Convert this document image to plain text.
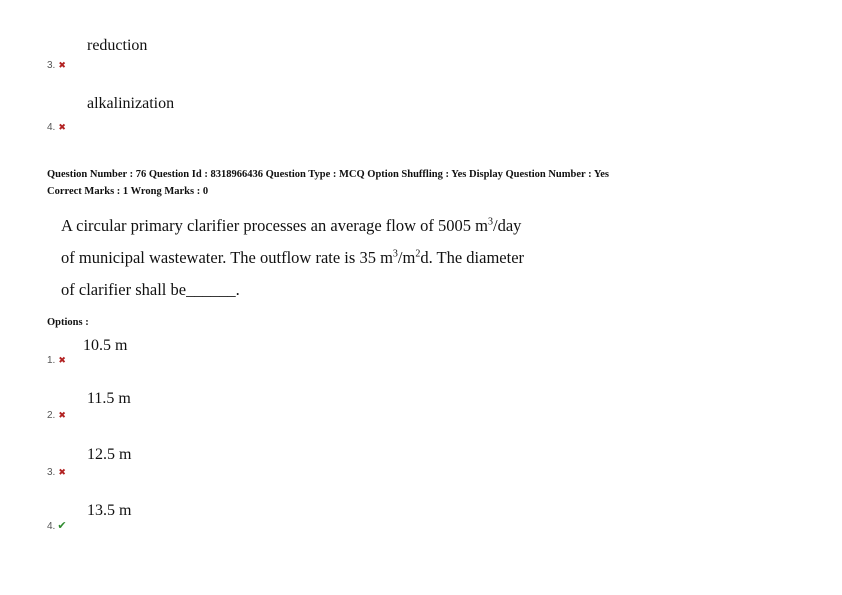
reduction
3. ✖
alkalinization
4. ✖
Question Number : 76 Question Id : 8318966436 Question Type : MCQ Option Shuffling : Yes Display Question Number : Yes
Correct Marks : 1 Wrong Marks : 0
A circular primary clarifier processes an average flow of 5005 $m^3$/day
of municipal wastewater. The outflow rate is 35 $m^3/m^2d$. The diameter
of clarifier shall be______.
Options :
10.5 m
1. ✖
11.5 m
2. ✖
12.5 m
3. ✖
13.5 m
4. ✔
